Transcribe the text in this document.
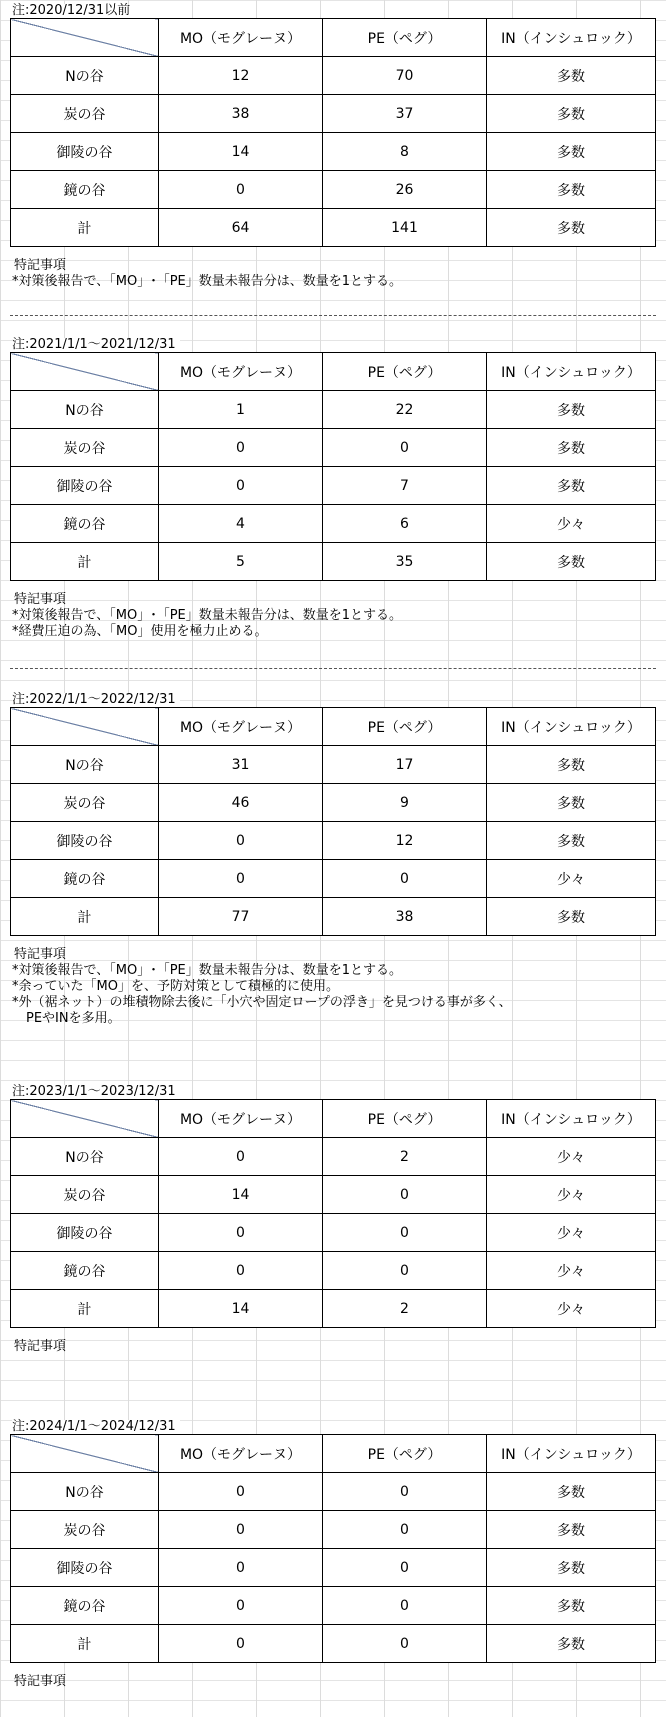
注:2020/12/31以前
	MO（モグレーヌ）	PE（ペグ）	IN（インシュロック）
Nの谷	12	70	多数
炭の谷	38	37	多数
御陵の谷	14	8	多数
鏡の谷	0	26	多数
計	64	141	多数
特記事項
*対策後報告で、「MO」･「PE」数量未報告分は、数量を1とする。
注:2021/1/1～2021/12/31
	MO（モグレーヌ）	PE（ペグ）	IN（インシュロック）
Nの谷	1	22	多数
炭の谷	0	0	多数
御陵の谷	0	7	多数
鏡の谷	4	6	少々
計	5	35	多数
特記事項
*対策後報告で、「MO」･「PE」数量未報告分は、数量を1とする。
*経費圧迫の為、「MO」使用を極力止める。
注:2022/1/1～2022/12/31
	MO（モグレーヌ）	PE（ペグ）	IN（インシュロック）
Nの谷	31	17	多数
炭の谷	46	9	多数
御陵の谷	0	12	多数
鏡の谷	0	0	少々
計	77	38	多数
特記事項
*対策後報告で、「MO」･「PE」数量未報告分は、数量を1とする。
*余っていた「MO」を、予防対策として積極的に使用。
*外（裾ネット）の堆積物除去後に「小穴や固定ロープの浮き」を見つける事が多く、
PEやINを多用。
注:2023/1/1～2023/12/31
	MO（モグレーヌ）	PE（ペグ）	IN（インシュロック）
Nの谷	0	2	少々
炭の谷	14	0	少々
御陵の谷	0	0	少々
鏡の谷	0	0	少々
計	14	2	少々
特記事項
注:2024/1/1～2024/12/31
	MO（モグレーヌ）	PE（ペグ）	IN（インシュロック）
Nの谷	0	0	多数
炭の谷	0	0	多数
御陵の谷	0	0	多数
鏡の谷	0	0	多数
計	0	0	多数
特記事項
